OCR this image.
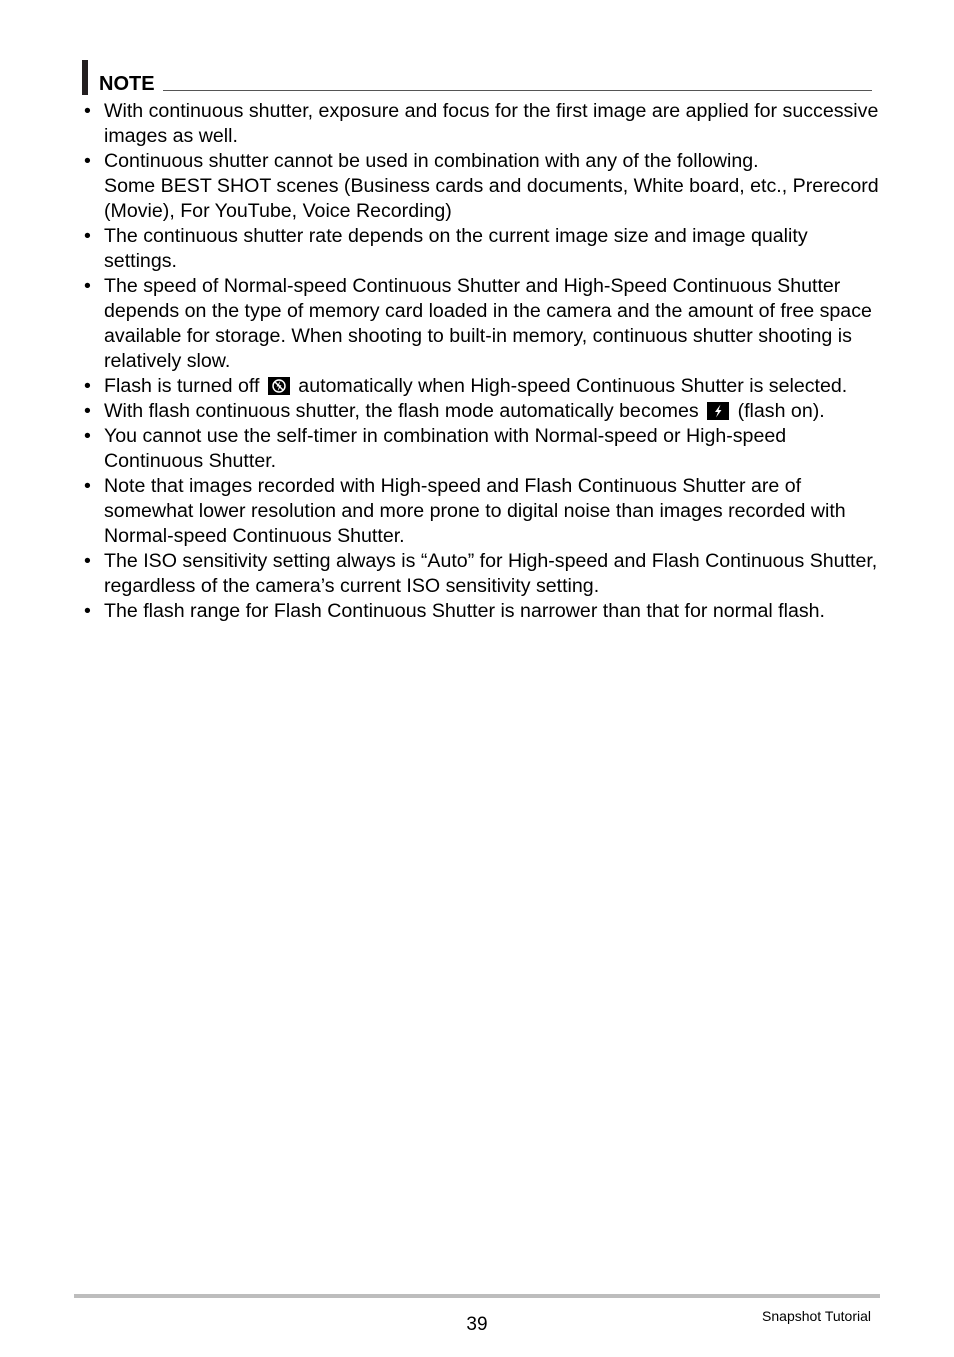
NOTE
• With continuous shutter, exposure and focus for the first image are applied for successive images as well.
• Continuous shutter cannot be used in combination with any of the following.
Some BEST SHOT scenes (Business cards and documents, White board, etc., Prerecord (Movie), For YouTube, Voice Recording)
• The continuous shutter rate depends on the current image size and image quality settings.
• The speed of Normal-speed Continuous Shutter and High-Speed Continuous Shutter depends on the type of memory card loaded in the camera and the amount of free space available for storage. When shooting to built-in memory, continuous shutter shooting is relatively slow.
• Flash is turned off automatically when High-speed Continuous Shutter is selected.
• With flash continuous shutter, the flash mode automatically becomes (flash on).
• You cannot use the self-timer in combination with Normal-speed or High-speed Continuous Shutter.
• Note that images recorded with High-speed and Flash Continuous Shutter are of somewhat lower resolution and more prone to digital noise than images recorded with Normal-speed Continuous Shutter.
• The ISO sensitivity setting always is “Auto” for High-speed and Flash Continuous Shutter, regardless of the camera’s current ISO sensitivity setting.
• The flash range for Flash Continuous Shutter is narrower than that for normal flash.
39	Snapshot Tutorial
